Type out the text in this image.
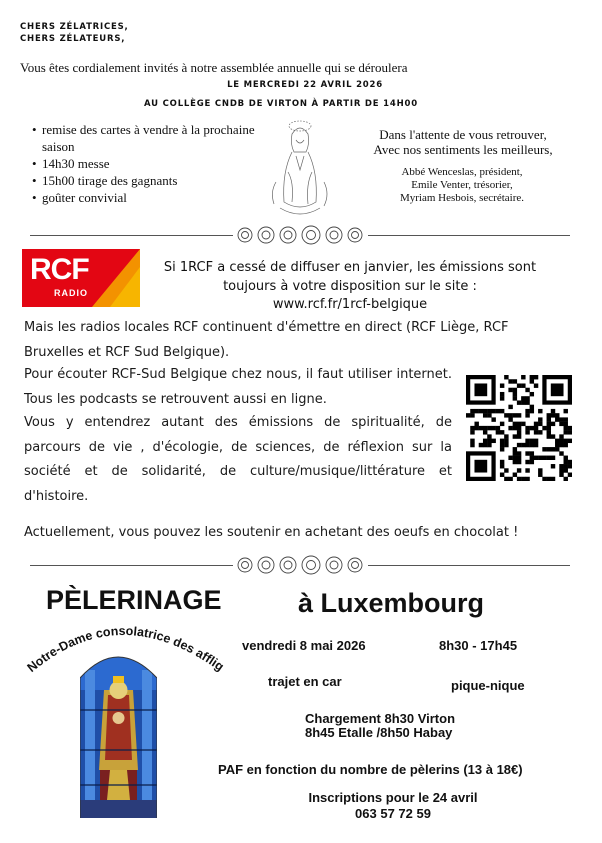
CHERS ZÉLATRICES,
CHERS ZÉLATEURS,
Vous êtes cordialement invités à notre assemblée annuelle qui se déroulera
LE MERCREDI 22 AVRIL 2026
AU COLLÈGE CNDB DE VIRTON À PARTIR DE 14H00
• remise des cartes à vendre à la prochaine saison
• 14h30 messe
• 15h00 tirage des gagnants
• goûter convivial
Dans l'attente de vous retrouver,
Avec nos sentiments les meilleurs,
Abbé Wenceslas, président,
Emile Venter, trésorier,
Myriam Hesbois, secrétaire.
RCF
RADIO
Si 1RCF a cessé de diffuser en janvier, les émissions sont
toujours à votre disposition sur le site :
www.rcf.fr/1rcf-belgique
Mais les radios locales RCF continuent d'émettre en direct (RCF Liège, RCF Bruxelles et RCF Sud Belgique).
Pour écouter RCF-Sud Belgique chez nous, il faut utiliser internet. Tous les podcasts se retrouvent aussi en ligne.
Vous y entendrez autant des émissions de spiritualité, de parcours de vie , d'écologie, de sciences, de réflexion sur la société et de solidarité, de culture/musique/littérature et d'histoire.
Actuellement, vous pouvez les soutenir en achetant des oeufs en chocolat !
PÈLERINAGE	à Luxembourg
Notre-Dame consolatrice des afflig
vendredi 8 mai 2026	8h30 - 17h45
trajet en car	pique-nique
Chargement 8h30 Virton
8h45 Etalle /8h50 Habay
PAF en fonction du nombre de pèlerins (13 à 18€)
Inscriptions pour le 24 avril
063 57 72 59
